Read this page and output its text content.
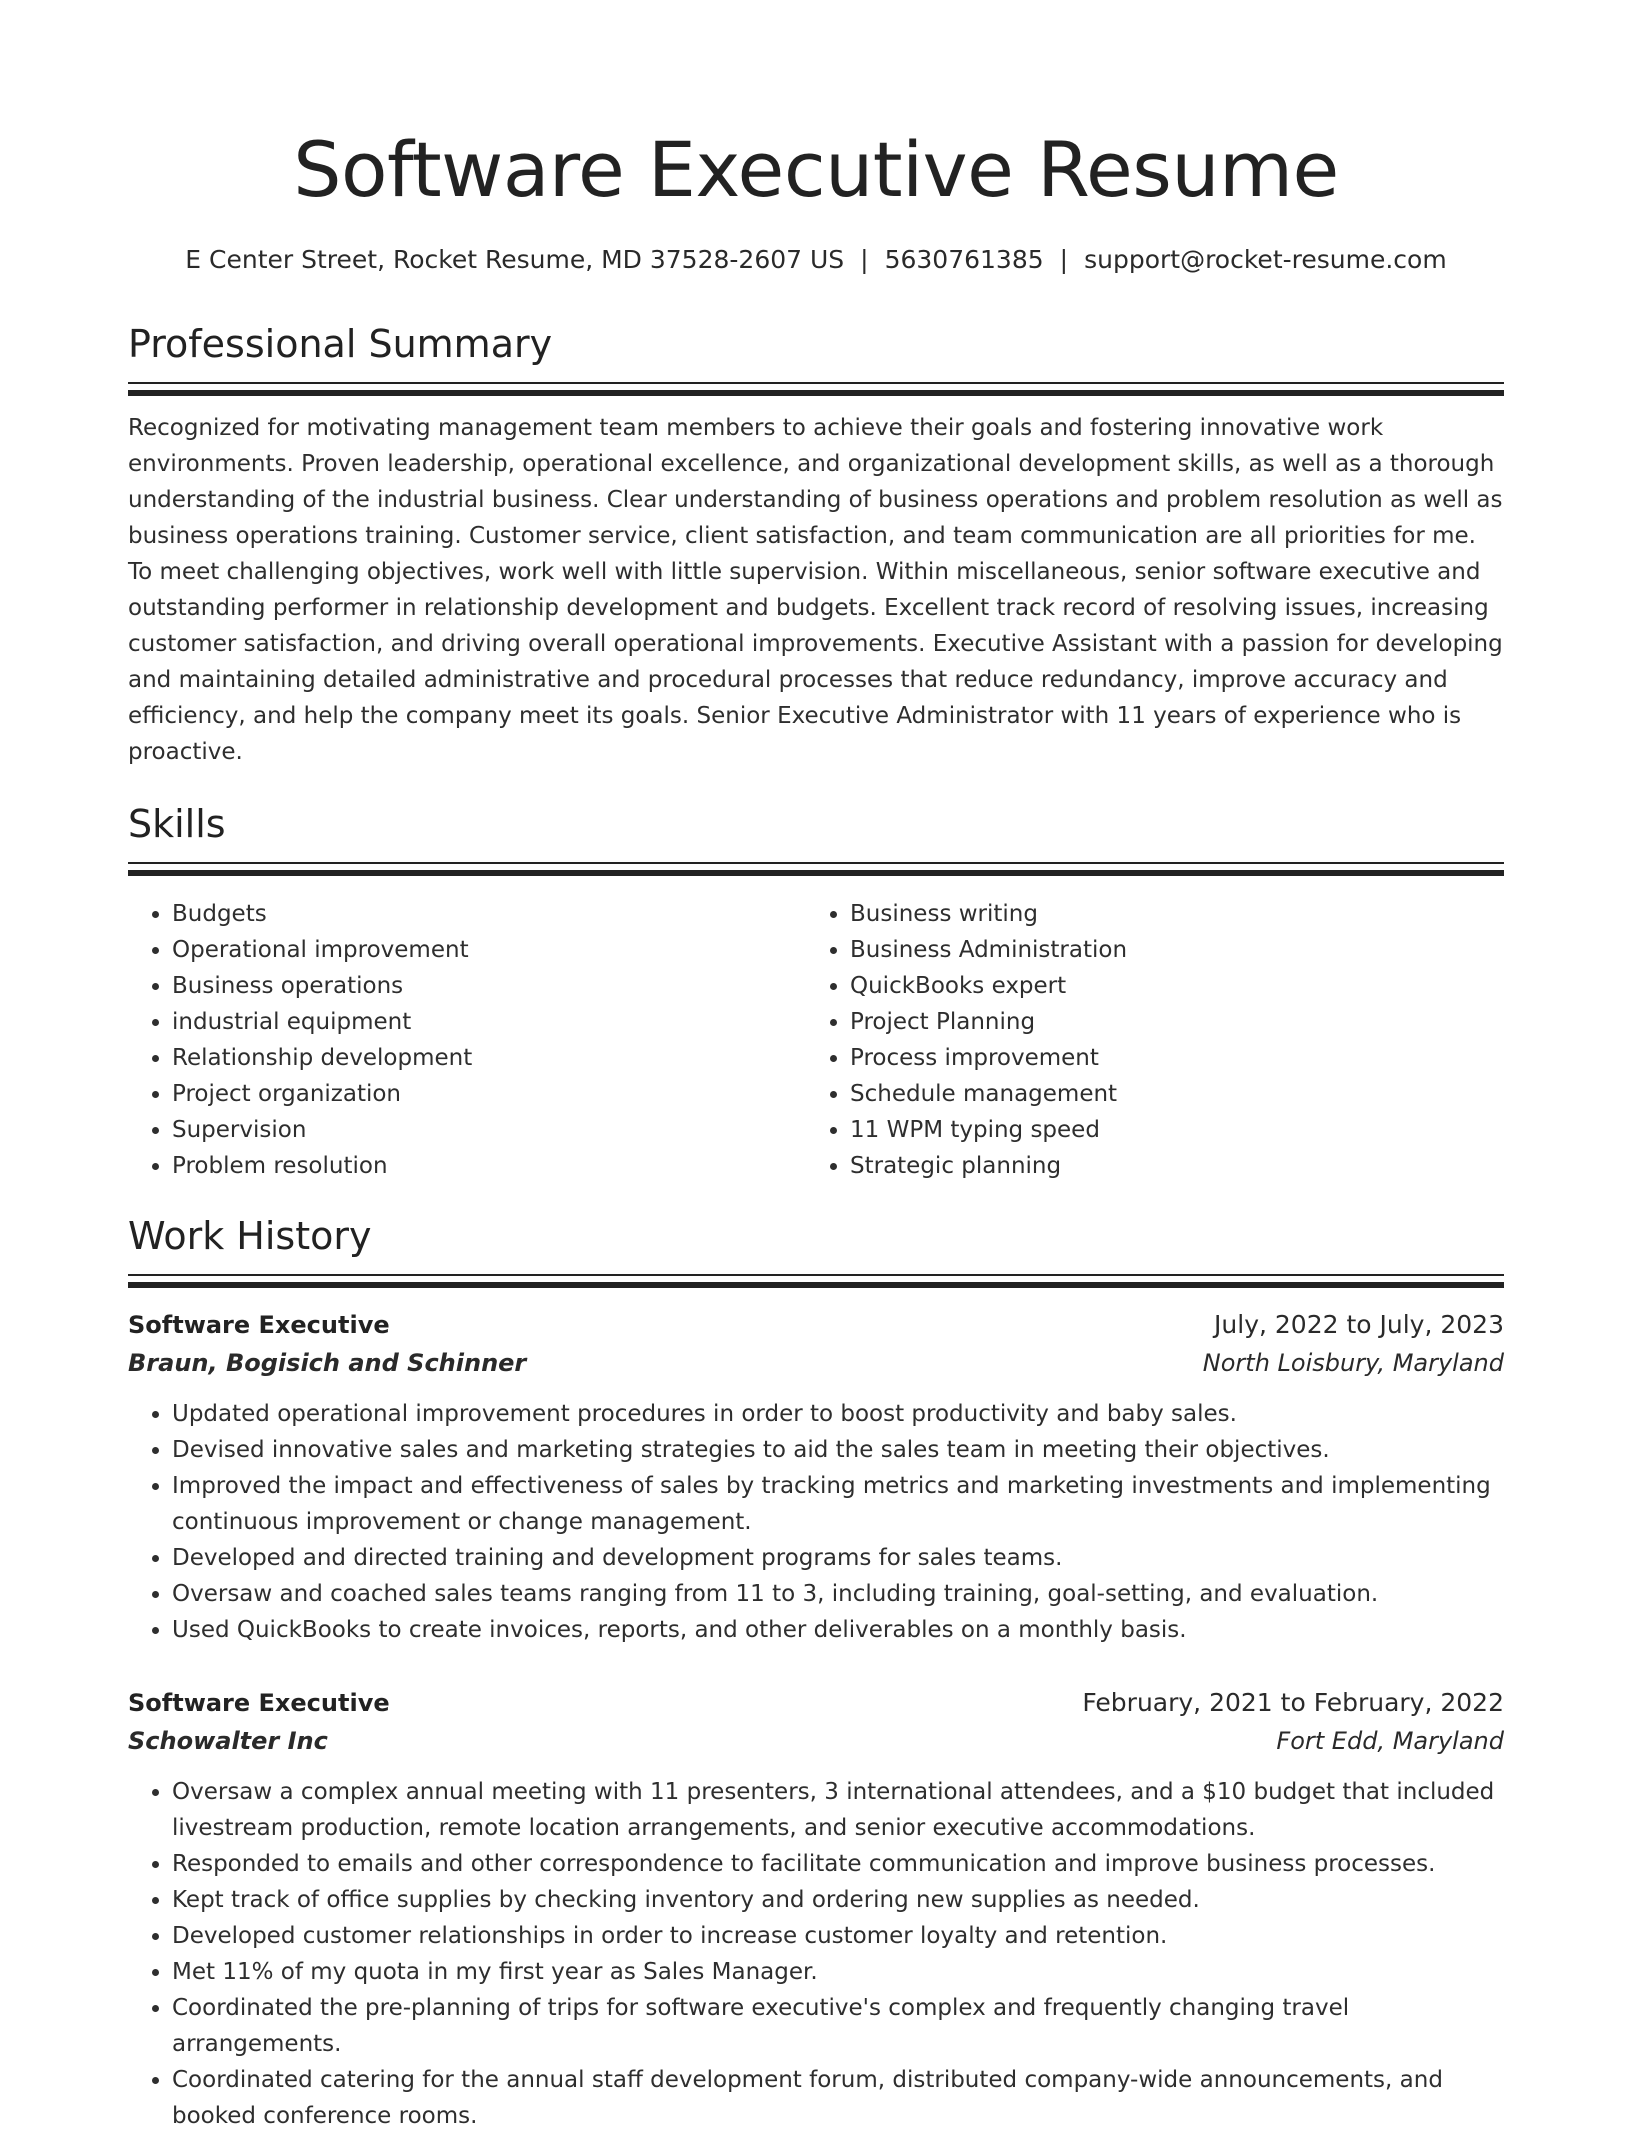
Software Executive Resume
E Center Street, Rocket Resume, MD 37528-2607 US | 5630761385 | support@rocket-resume.com
Professional Summary

Recognized for motivating management team members to achieve their goals and fostering innovative work environments. Proven leadership, operational excellence, and organizational development skills, as well as a thorough understanding of the industrial business. Clear understanding of business operations and problem resolution as well as business operations training. Customer service, client satisfaction, and team communication are all priorities for me. To meet challenging objectives, work well with little supervision. Within miscellaneous, senior software executive and outstanding performer in relationship development and budgets. Excellent track record of resolving issues, increasing customer satisfaction, and driving overall operational improvements. Executive Assistant with a passion for developing and maintaining detailed administrative and procedural processes that reduce redundancy, improve accuracy and efficiency, and help the company meet its goals. Senior Executive Administrator with 11 years of experience who is proactive.

Skills
• Budgets
• Operational improvement
• Business operations
• industrial equipment
• Relationship development
• Project organization
• Supervision
• Problem resolution
• Business writing
• Business Administration
• QuickBooks expert
• Project Planning
• Process improvement
• Schedule management
• 11 WPM typing speed
• Strategic planning
Work History
Software Executive	July, 2022 to July, 2023
Braun, Bogisich and Schinner	North Loisbury, Maryland
• Updated operational improvement procedures in order to boost productivity and baby sales.
• Devised innovative sales and marketing strategies to aid the sales team in meeting their objectives.
• Improved the impact and effectiveness of sales by tracking metrics and marketing investments and implementing continuous improvement or change management.
• Developed and directed training and development programs for sales teams.
• Oversaw and coached sales teams ranging from 11 to 3, including training, goal-setting, and evaluation.
• Used QuickBooks to create invoices, reports, and other deliverables on a monthly basis.
Software Executive	February, 2021 to February, 2022
Schowalter Inc	Fort Edd, Maryland
• Oversaw a complex annual meeting with 11 presenters, 3 international attendees, and a $10 budget that included livestream production, remote location arrangements, and senior executive accommodations.
• Responded to emails and other correspondence to facilitate communication and improve business processes.
• Kept track of office supplies by checking inventory and ordering new supplies as needed.
• Developed customer relationships in order to increase customer loyalty and retention.
• Met 11% of my quota in my first year as Sales Manager.
• Coordinated the pre-planning of trips for software executive's complex and frequently changing travel arrangements.
• Coordinated catering for the annual staff development forum, distributed company-wide announcements, and booked conference rooms.
